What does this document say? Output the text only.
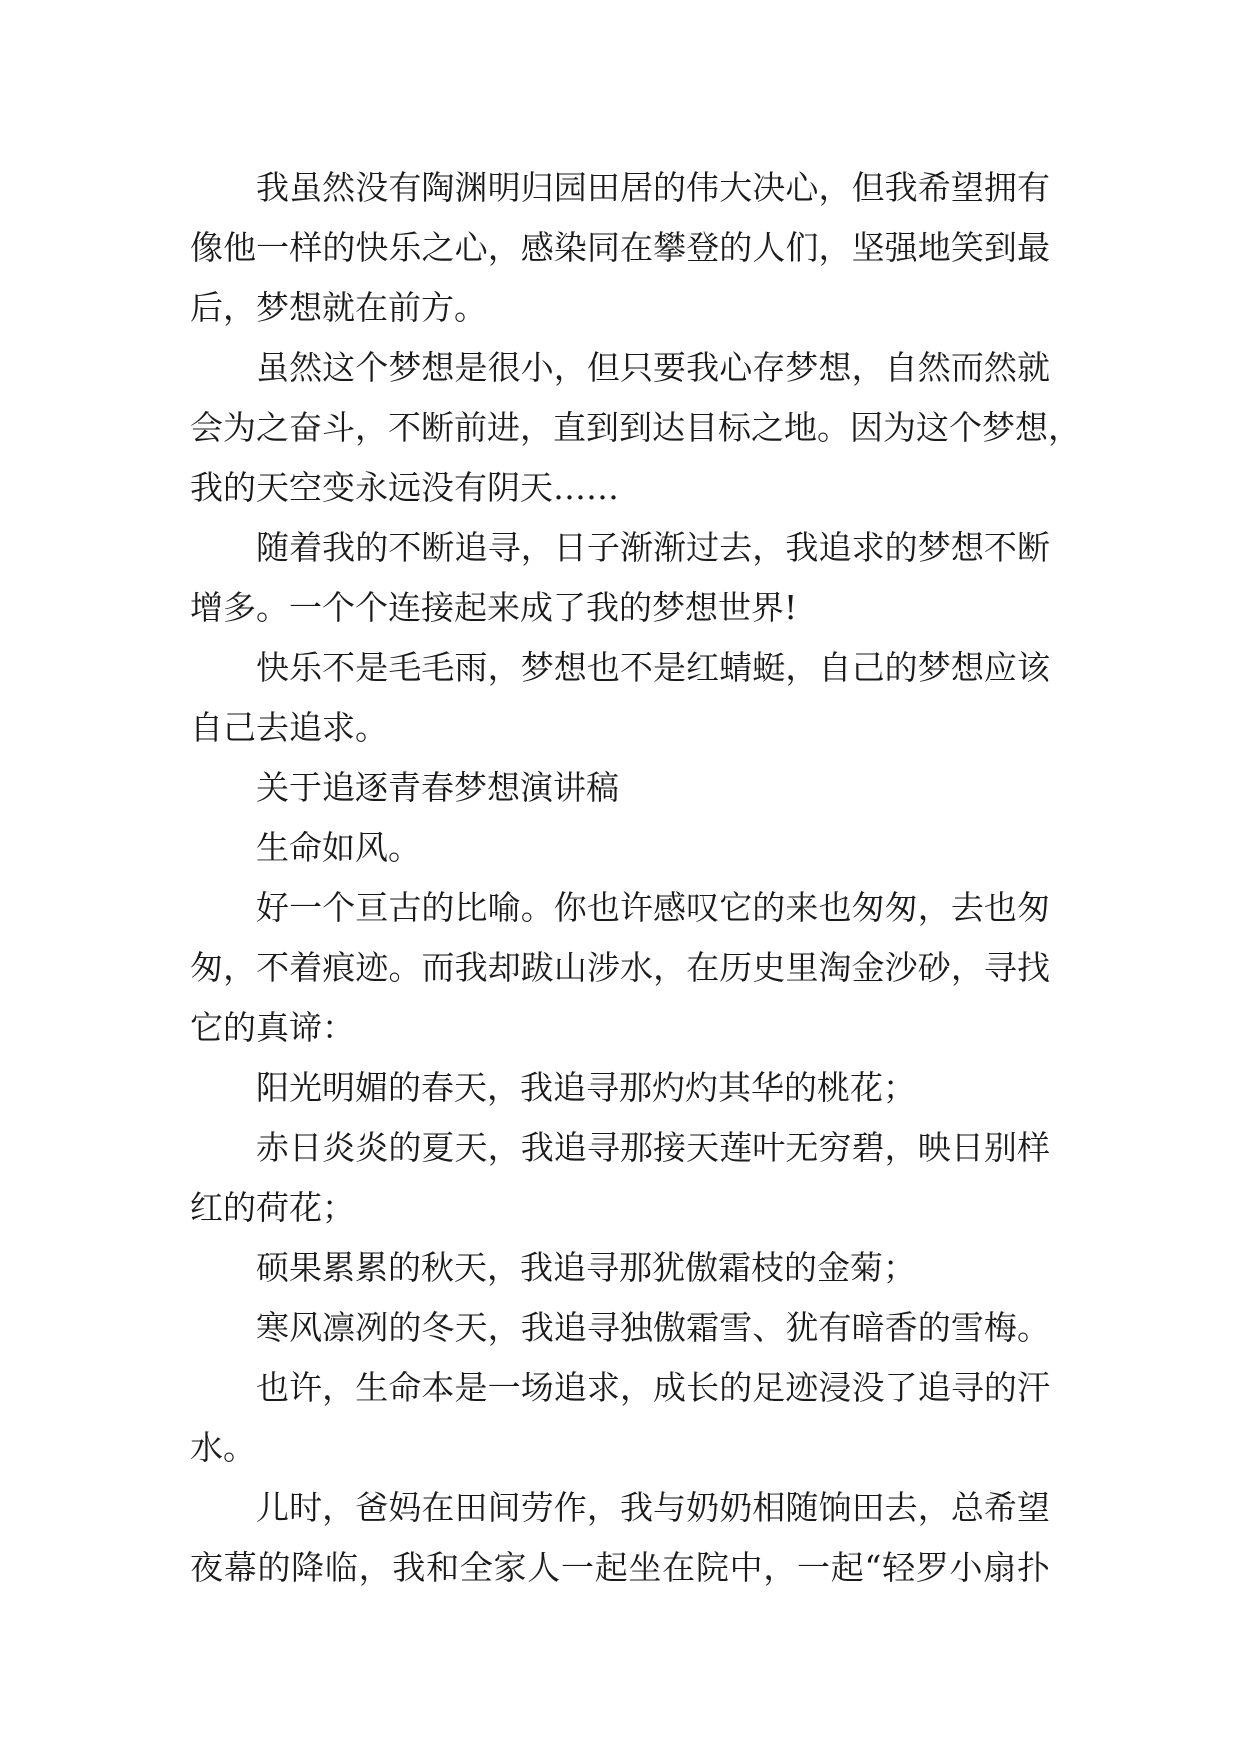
我虽然没有陶渊明归园田居的伟大决心，但我希望拥有
像他一样的快乐之心，感染同在攀登的人们，坚强地笑到最
后，梦想就在前方。
虽然这个梦想是很小，但只要我心存梦想，自然而然就
会为之奋斗，不断前进，直到到达目标之地。因为这个梦想，
我的天空变永远没有阴天……
随着我的不断追寻，日子渐渐过去，我追求的梦想不断
增多。一个个连接起来成了我的梦想世界!
快乐不是毛毛雨，梦想也不是红蜻蜓，自己的梦想应该
自己去追求。
关于追逐青春梦想演讲稿
生命如风。
好一个亘古的比喻。你也许感叹它的来也匆匆，去也匆
匆，不着痕迹。而我却跋山涉水，在历史里淘金沙砂，寻找
它的真谛：
阳光明媚的春天，我追寻那灼灼其华的桃花；
赤日炎炎的夏天，我追寻那接天莲叶无穷碧，映日别样
红的荷花；
硕果累累的秋天，我追寻那犹傲霜枝的金菊；
寒风凛冽的冬天，我追寻独傲霜雪、犹有暗香的雪梅。
也许，生命本是一场追求，成长的足迹浸没了追寻的汗
水。
儿时，爸妈在田间劳作，我与奶奶相随饷田去，总希望
夜幕的降临，我和全家人一起坐在院中，一起“轻罗小扇扑
